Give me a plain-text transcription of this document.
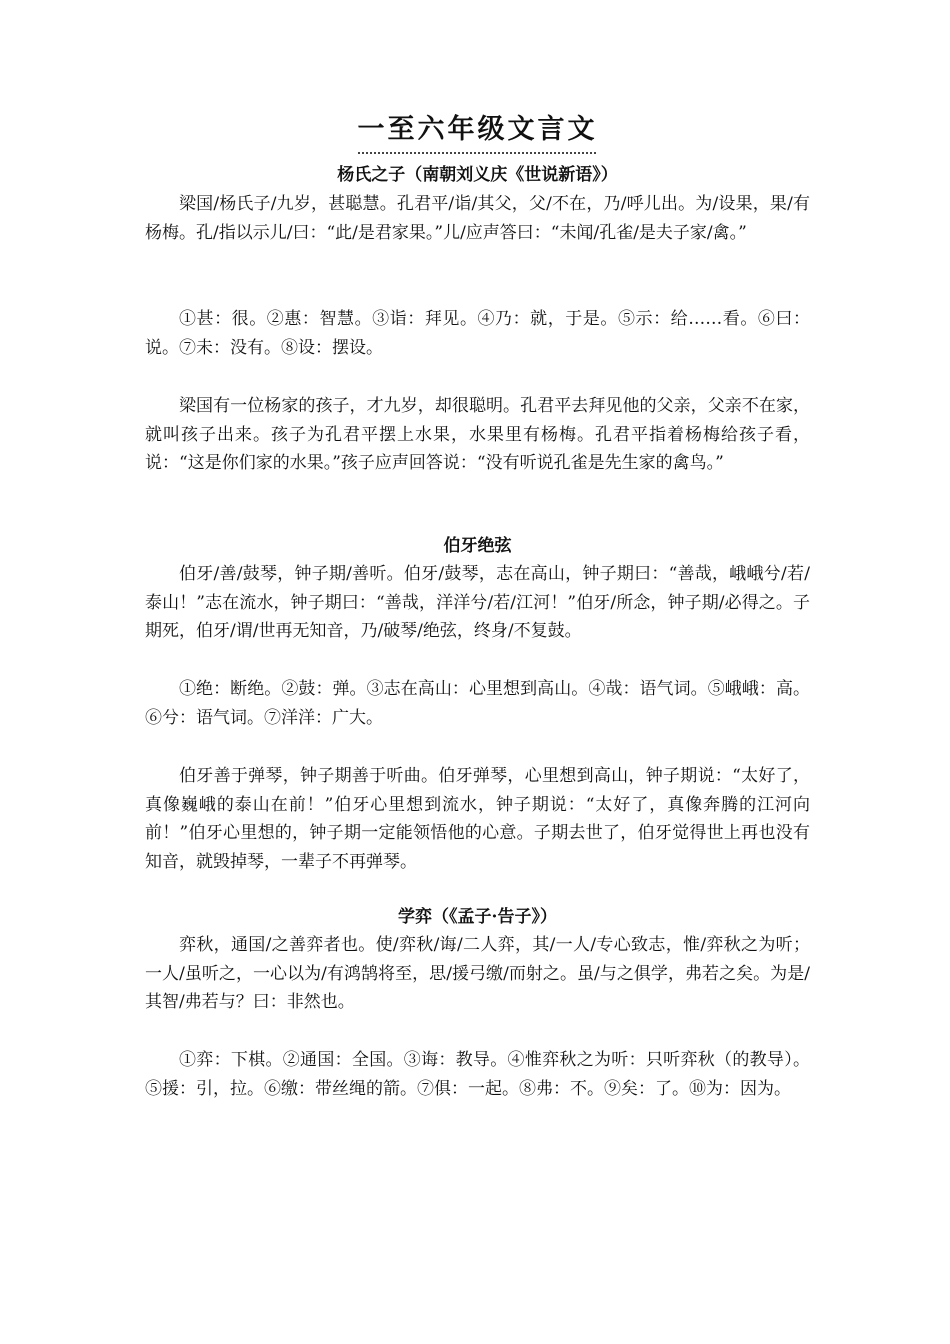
一至六年级文言文
杨氏之子（南朝刘义庆《世说新语》）

梁国/杨氏子/九岁，甚聪慧。孔君平/诣/其父，父/不在，乃/呼儿出。为/设果，果/有杨梅。孔/指以示儿/曰：“此/是君家果。”儿/应声答曰：“未闻/孔雀/是夫子家/禽。”

①甚：很。②惠：智慧。③诣：拜见。④乃：就，于是。⑤示：给……看。⑥曰：说。⑦未：没有。⑧设：摆设。

梁国有一位杨家的孩子，才九岁，却很聪明。孔君平去拜见他的父亲，父亲不在家，就叫孩子出来。孩子为孔君平摆上水果，水果里有杨梅。孔君平指着杨梅给孩子看，说：“这是你们家的水果。”孩子应声回答说：“没有听说孔雀是先生家的禽鸟。”

伯牙绝弦

伯牙/善/鼓琴，钟子期/善听。伯牙/鼓琴，志在高山，钟子期曰：“善哉，峨峨兮/若/泰山！”志在流水，钟子期曰：“善哉，洋洋兮/若/江河！”伯牙/所念，钟子期/必得之。子期死，伯牙/谓/世再无知音，乃/破琴/绝弦，终身/不复鼓。

①绝：断绝。②鼓：弹。③志在高山：心里想到高山。④哉：语气词。⑤峨峨：高。⑥兮：语气词。⑦洋洋：广大。

伯牙善于弹琴，钟子期善于听曲。伯牙弹琴，心里想到高山，钟子期说：“太好了，真像巍峨的泰山在前！”伯牙心里想到流水，钟子期说：“太好了，真像奔腾的江河向前！”伯牙心里想的，钟子期一定能领悟他的心意。子期去世了，伯牙觉得世上再也没有知音，就毁掉琴，一辈子不再弹琴。

学弈（《孟子·告子》）

弈秋，通国/之善弈者也。使/弈秋/诲/二人弈，其/一人/专心致志，惟/弈秋之为听；一人/虽听之，一心以为/有鸿鹄将至，思/援弓缴/而射之。虽/与之俱学，弗若之矣。为是/其智/弗若与？曰：非然也。

①弈：下棋。②通国：全国。③诲：教导。④惟弈秋之为听：只听弈秋（的教导）。⑤援：引，拉。⑥缴：带丝绳的箭。⑦俱：一起。⑧弗：不。⑨矣：了。⑩为：因为。
